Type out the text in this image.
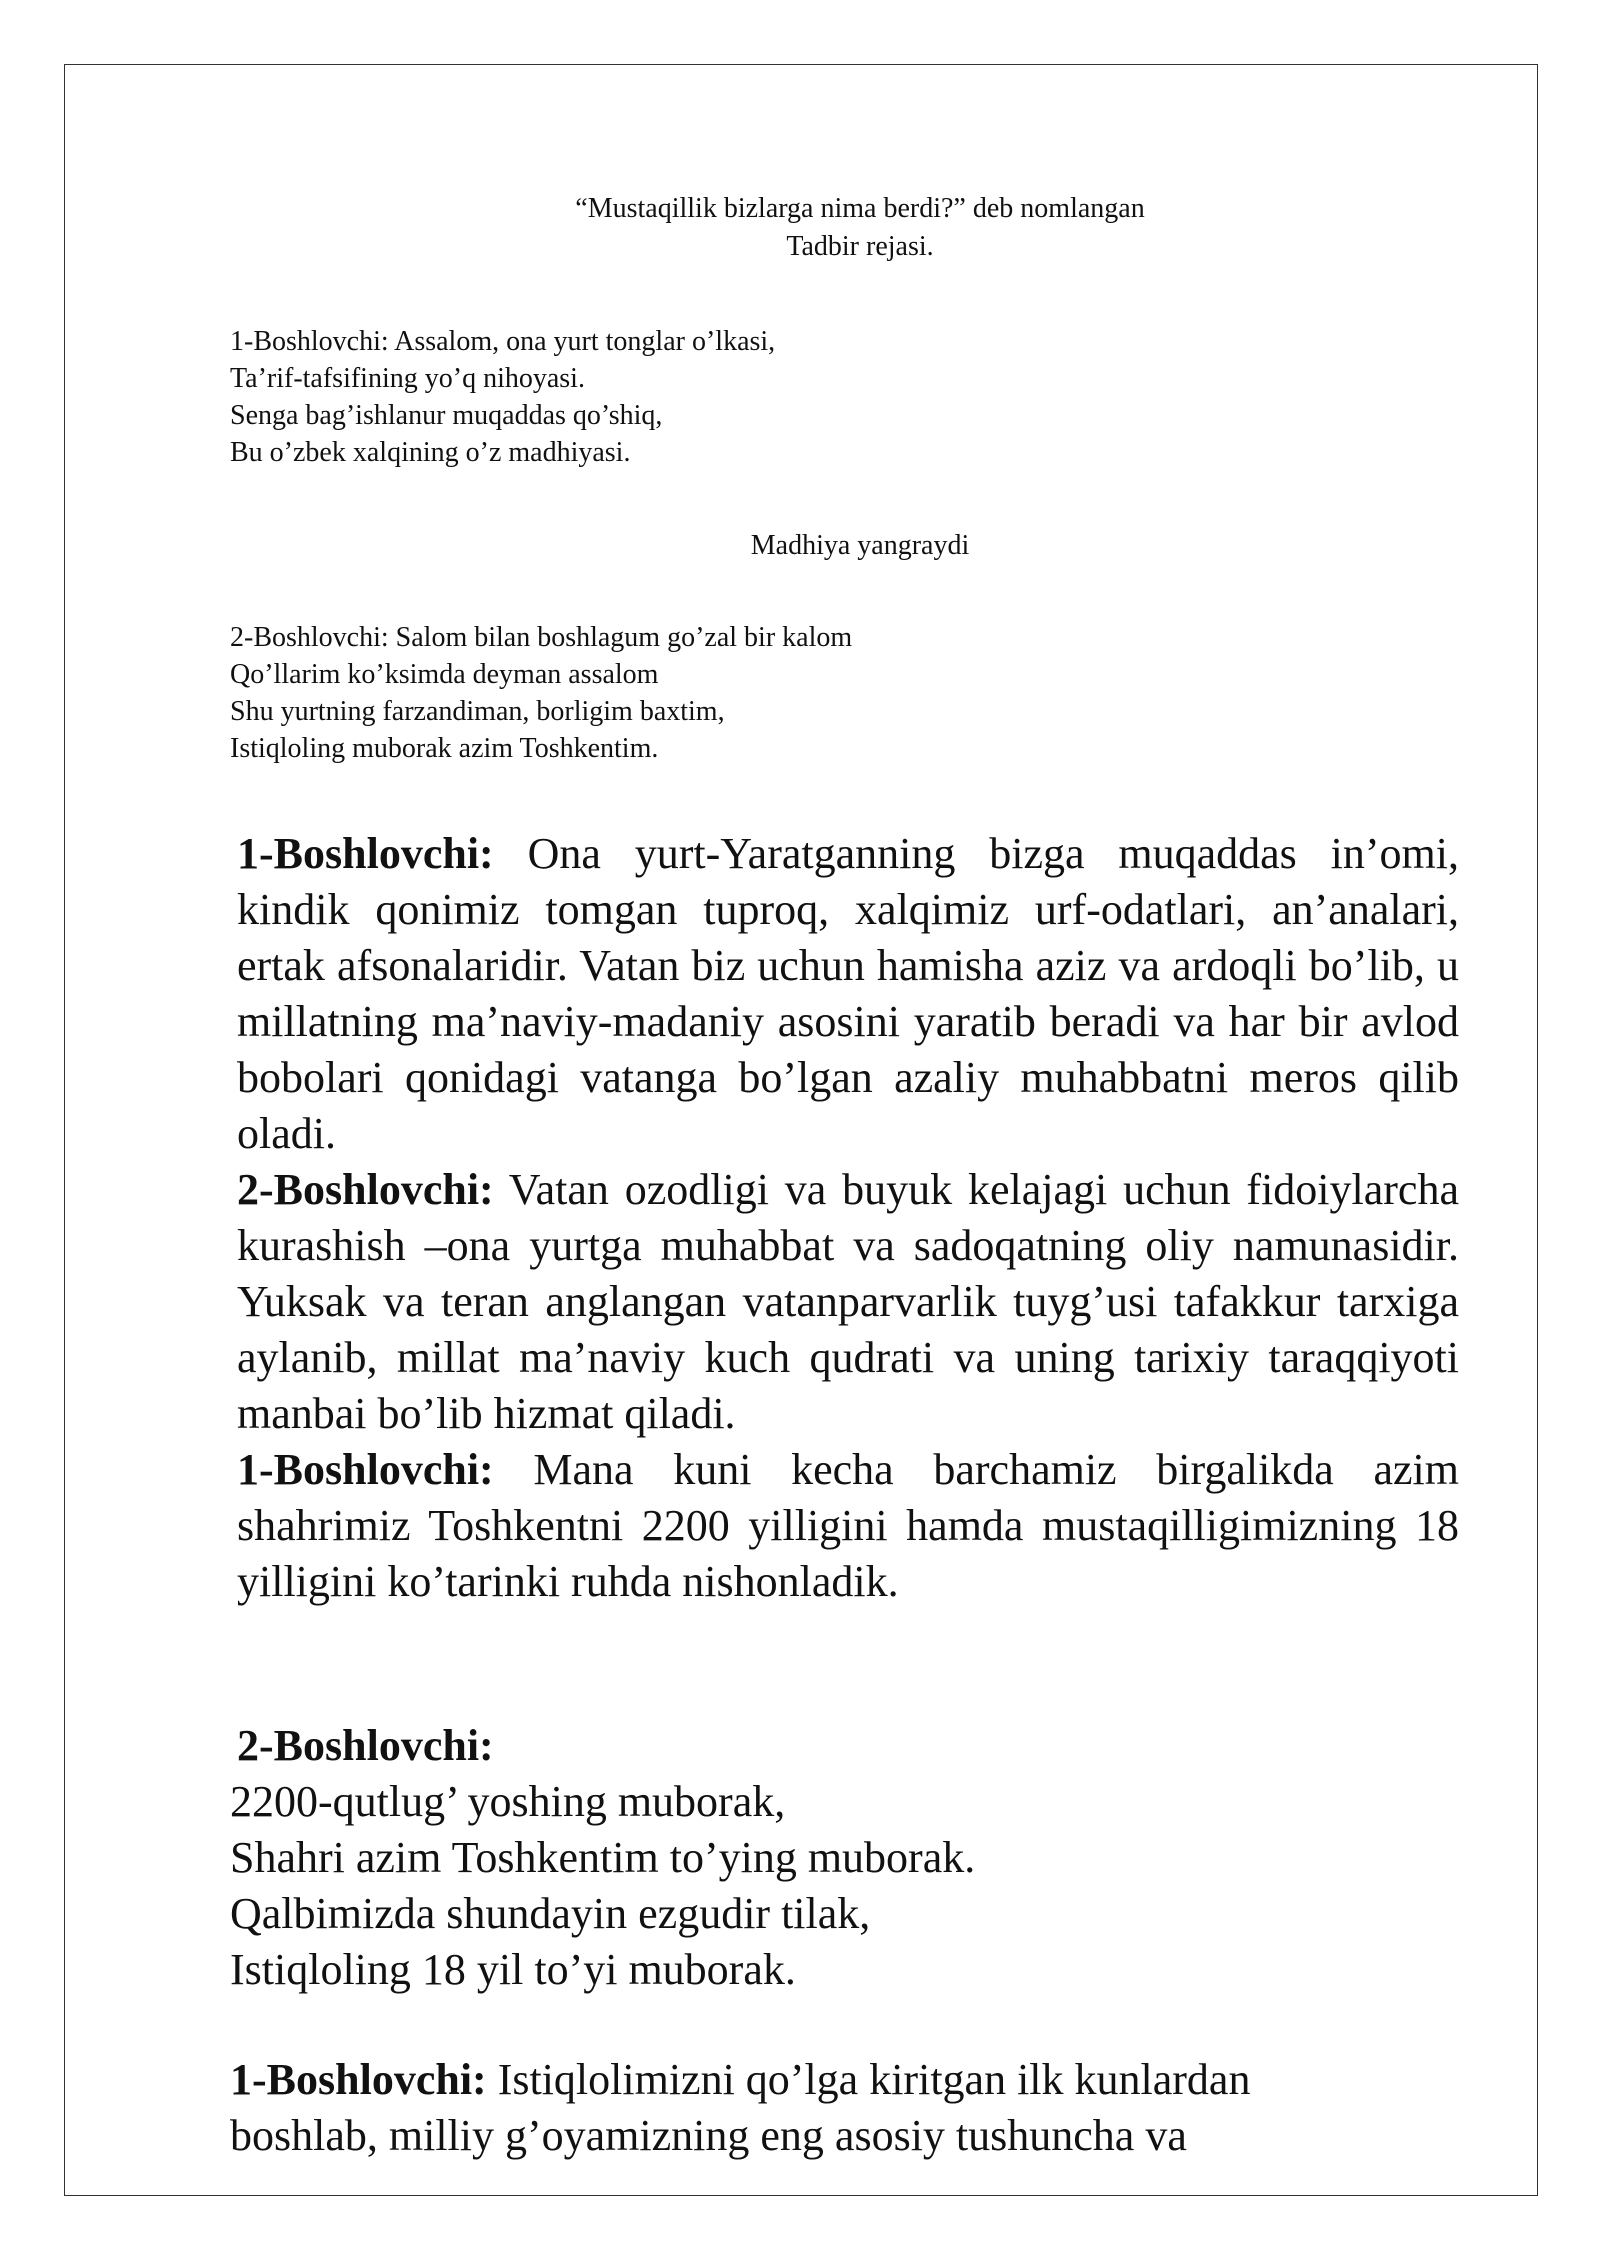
“Mustaqillik bizlarga nima berdi?” deb nomlangan
Tadbir rejasi.
1-Boshlovchi: Assalom, ona yurt tonglar o’lkasi,
Ta’rif-tafsifining yo’q nihoyasi.
Senga bag’ishlanur muqaddas qo’shiq,
Bu o’zbek xalqining o’z madhiyasi.
Madhiya yangraydi
2-Boshlovchi: Salom bilan boshlagum go’zal bir kalom
Qo’llarim ko’ksimda deyman assalom
Shu yurtning farzandiman, borligim baxtim,
Istiqloling muborak azim Toshkentim.

1-Boshlovchi: Ona yurt-Yaratganning bizga muqaddas in’omi, kindik qonimiz tomgan tuproq, xalqimiz urf-odatlari, an’analari, ertak afsonalaridir. Vatan biz uchun hamisha aziz va ardoqli bo’lib, u millatning ma’naviy-madaniy asosini yaratib beradi va har bir avlod bobolari qonidagi vatanga bo’lgan azaliy muhabbatni meros qilib oladi.

2-Boshlovchi: Vatan ozodligi va buyuk kelajagi uchun fidoiylarcha kurashish –ona yurtga muhabbat va sadoqatning oliy namunasidir. Yuksak va teran anglangan vatanparvarlik tuyg’usi tafakkur tarxiga aylanib, millat ma’naviy kuch qudrati va uning tarixiy taraqqiyoti manbai bo’lib hizmat qiladi.

1-Boshlovchi: Mana kuni kecha barchamiz birgalikda azim shahrimiz Toshkentni 2200 yilligini hamda mustaqilligimizning 18 yilligini ko’tarinki ruhda nishonladik.

2-Boshlovchi:
2200-qutlug’ yoshing muborak,
Shahri azim Toshkentim to’ying muborak.
Qalbimizda shundayin ezgudir tilak,
Istiqloling 18 yil to’yi muborak.
1-Boshlovchi: Istiqlolimizni qo’lga kiritgan ilk kunlardan
boshlab, milliy g’oyamizning eng asosiy tushuncha va
